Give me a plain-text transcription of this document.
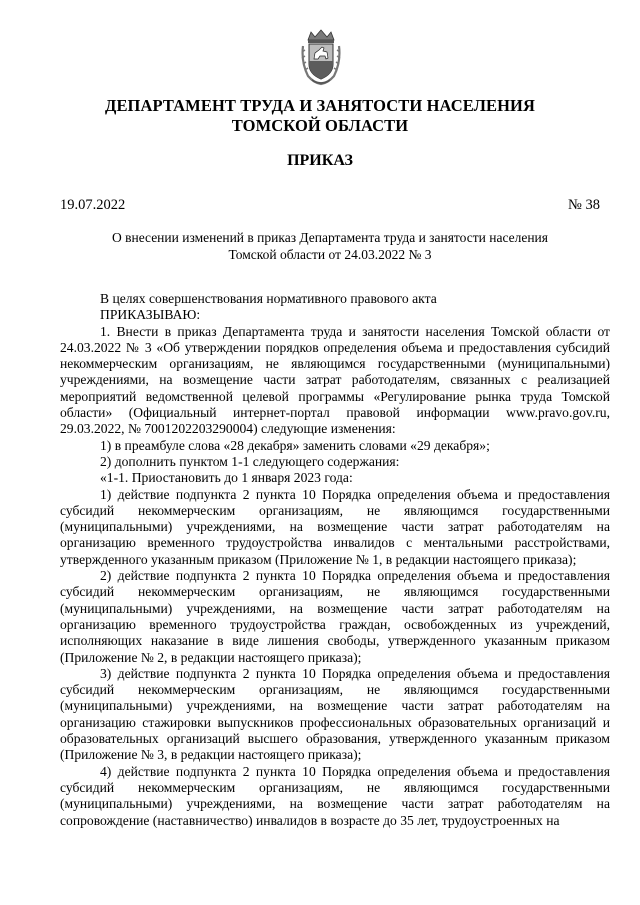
ДЕПАРТАМЕНТ ТРУДА И ЗАНЯТОСТИ НАСЕЛЕНИЯ
ТОМСКОЙ ОБЛАСТИ
ПРИКАЗ
19.07.2022	№ 38
О внесении изменений в приказ Департамента труда и занятости населения
Томской области от 24.03.2022 № 3

В целях совершенствования нормативного правового акта

ПРИКАЗЫВАЮ:

1. Внести в приказ Департамента труда и занятости населения Томской области от 24.03.2022 № 3 «Об утверждении порядков определения объема и предоставления субсидий некоммерческим организациям, не являющимся государственными (муниципальными) учреждениями, на возмещение части затрат работодателям, связанных с реализацией мероприятий ведомственной целевой программы «Регулирование рынка труда Томской области» (Официальный интернет-портал правовой информации www.pravo.gov.ru, 29.03.2022, № 7001202203290004) следующие изменения:

1) в преамбуле слова «28 декабря» заменить словами «29 декабря»;

2) дополнить пунктом 1-1 следующего содержания:

«1-1. Приостановить до 1 января 2023 года:

1) действие подпункта 2 пункта 10 Порядка определения объема и предоставления субсидий некоммерческим организациям, не являющимся государственными (муниципальными) учреждениями, на возмещение части затрат работодателям на организацию временного трудоустройства инвалидов с ментальными расстройствами, утвержденного указанным приказом (Приложение № 1, в редакции настоящего приказа);

2) действие подпункта 2 пункта 10 Порядка определения объема и предоставления субсидий некоммерческим организациям, не являющимся государственными (муниципальными) учреждениями, на возмещение части затрат работодателям на организацию временного трудоустройства граждан, освобожденных из учреждений, исполняющих наказание в виде лишения свободы, утвержденного указанным приказом (Приложение № 2, в редакции настоящего приказа);

3) действие подпункта 2 пункта 10 Порядка определения объема и предоставления субсидий некоммерческим организациям, не являющимся государственными (муниципальными) учреждениями, на возмещение части затрат работодателям на организацию стажировки выпускников профессиональных образовательных организаций и образовательных организаций высшего образования, утвержденного указанным приказом (Приложение № 3, в редакции настоящего приказа);

4) действие подпункта 2 пункта 10 Порядка определения объема и предоставления субсидий некоммерческим организациям, не являющимся государственными (муниципальными) учреждениями, на возмещение части затрат работодателям на сопровождение (наставничество) инвалидов в возрасте до 35 лет, трудоустроенных на
